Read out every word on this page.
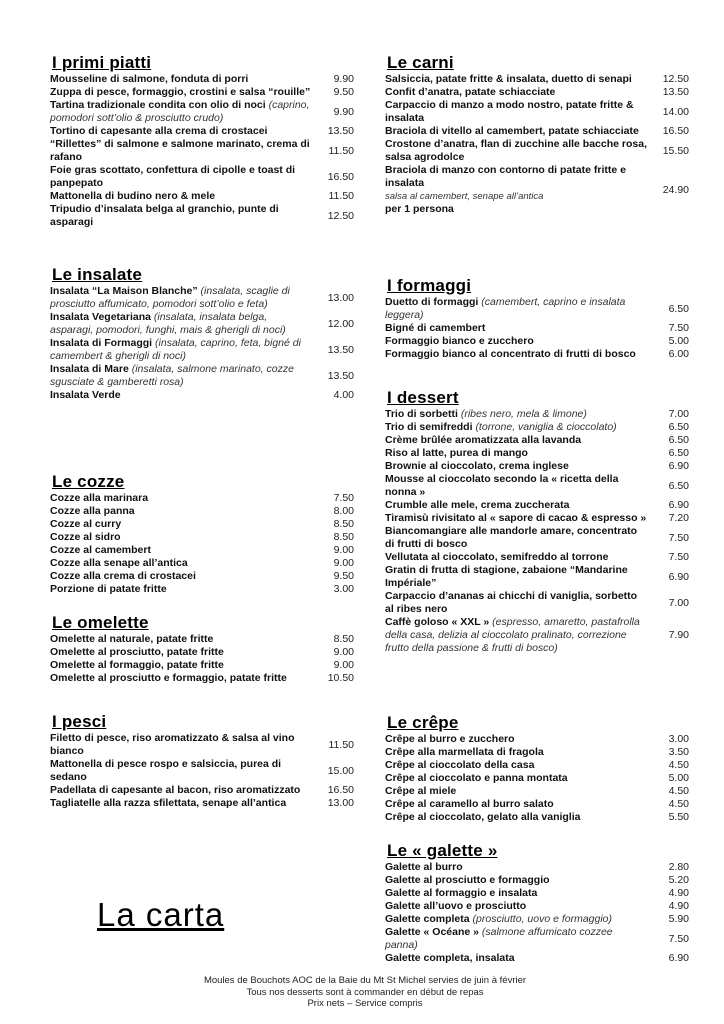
I primi piatti
Mousseline di salmone, fonduta di porri	9.90
Zuppa di pesce, formaggio, crostini e salsa “rouille”	9.50
Tartina tradizionale condita con olio di noci (caprino, pomodori sott’olio & prosciutto crudo)
9.90
Tortino di capesante alla crema di crostacei	13.50
“Rillettes” di salmone e salmone marinato, crema di rafano
11.50
Foie gras scottato, confettura di cipolle e toast di panpepato
16.50
Mattonella di budino nero & mele	11.50
Tripudio d’insalata belga al granchio, punte di asparagi
12.50
Le insalate
Insalata “La Maison Blanche” (insalata, scaglie di prosciutto affumicato, pomodori sott’olio e feta)
13.00
Insalata Vegetariana (insalata, insalata belga, asparagi, pomodori, funghi, mais & gherigli di noci)
12.00
Insalata di Formaggi (insalata, caprino, feta, bigné di camembert & gherigli di noci)
13.50
Insalata di Mare (insalata, salmone marinato, cozze sgusciate & gamberetti rosa)
13.50
Insalata Verde	4.00
Le cozze
Cozze alla marinara	7.50
Cozze alla panna	8.00
Cozze al curry	8.50
Cozze al sidro	8.50
Cozze al camembert	9.00
Cozze alla senape all’antica	9.00
Cozze alla crema di crostacei	9.50
Porzione di patate fritte	3.00
Le omelette
Omelette al naturale, patate fritte	8.50
Omelette al prosciutto, patate fritte	9.00
Omelette al formaggio, patate fritte	9.00
Omelette al prosciutto e formaggio, patate fritte	10.50
I pesci
Filetto di pesce, riso aromatizzato & salsa al vino bianco
11.50
Mattonella di pesce rospo e salsiccia, purea di sedano
15.00
Padellata di capesante al bacon, riso aromatizzato	16.50
Tagliatelle alla razza sfilettata, senape all’antica	13.00
Le carni
Salsiccia, patate fritte & insalata, duetto di senapi	12.50
Confit d’anatra, patate schiacciate	13.50
Carpaccio di manzo a modo nostro, patate fritte & insalata
14.00
Braciola di vitello al camembert, patate schiacciate	16.50
Crostone d’anatra, flan di zucchine alle bacche rosa, salsa agrodolce
15.50
Braciola di manzo con contorno di patate fritte e insalata
salsa al camembert, senape all’antica
per 1 persona
24.90
I formaggi
Duetto di formaggi (camembert, caprino e insalata leggera)
6.50
Bigné di camembert	7.50
Formaggio bianco e zucchero	5.00
Formaggio bianco al concentrato di frutti di bosco	6.00
I dessert
Trio di sorbetti (ribes nero, mela & limone)	7.00
Trio di semifreddi (torrone, vaniglia & cioccolato)	6.50
Crème brûlée aromatizzata alla lavanda	6.50
Riso al latte, purea di mango	6.50
Brownie al cioccolato, crema inglese	6.90
Mousse al cioccolato secondo la « ricetta della nonna »
6.50
Crumble alle mele, crema zuccherata	6.90
Tiramisù rivisitato al « sapore di cacao & espresso »	7.20
Biancomangiare alle mandorle amare, concentrato di frutti di bosco
7.50
Vellutata al cioccolato, semifreddo al torrone	7.50
Gratin di frutta di stagione, zabaione “Mandarine Impériale”
6.90
Carpaccio d’ananas ai chicchi di vaniglia, sorbetto al ribes nero
7.00
Caffè goloso « XXL » (espresso, amaretto, pastafrolla della casa, delizia al cioccolato pralinato, correzione frutto della passione & frutti di bosco)
7.90
Le crêpe
Crêpe al burro e zucchero	3.00
Crêpe alla marmellata di fragola	3.50
Crêpe al cioccolato della casa	4.50
Crêpe al cioccolato e panna montata	5.00
Crêpe al miele	4.50
Crêpe al caramello al burro salato	4.50
Crêpe al cioccolato, gelato alla vaniglia	5.50
Le « galette »
Galette al burro	2.80
Galette al prosciutto e formaggio	5.20
Galette al formaggio e insalata	4.90
Galette all’uovo e prosciutto	4.90
Galette completa (prosciutto, uovo e formaggio)	5.90
Galette « Océane » (salmone affumicato cozzee panna)
7.50
Galette completa, insalata	6.90
La carta
Moules de Bouchots AOC de la Baie du Mt St Michel servies de juin à février
Tous nos desserts sont à commander en début de repas
Prix nets – Service compris
